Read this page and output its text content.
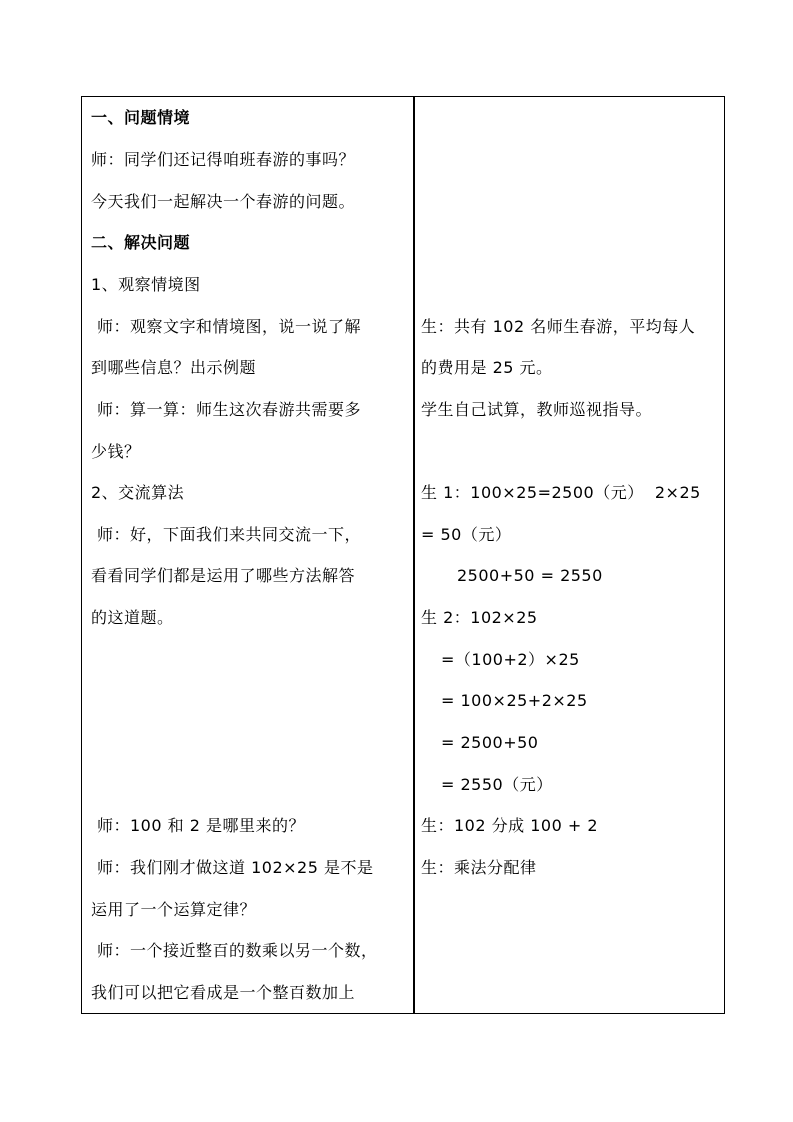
一、问题情境
师：同学们还记得咱班春游的事吗？
今天我们一起解决一个春游的问题。
二、解决问题
1、观察情境图
师：观察文字和情境图，说一说了解
到哪些信息？出示例题
师：算一算：师生这次春游共需要多
少钱？
2、交流算法
师：好，下面我们来共同交流一下，
看看同学们都是运用了哪些方法解答
的这道题。
师：100 和 2 是哪里来的？
师：我们刚才做这道 102×25 是不是
运用了一个运算定律？
师：一个接近整百的数乘以另一个数，
我们可以把它看成是一个整百数加上
生：共有 102 名师生春游，平均每人
的费用是 25 元。
学生自己试算，教师巡视指导。
生 1：100×25=2500（元）  2×25
= 50（元）
2500+50 = 2550
生 2：102×25
=（100+2）×25
= 100×25+2×25
= 2500+50
= 2550（元）
生：102 分成 100 + 2
生：乘法分配律
